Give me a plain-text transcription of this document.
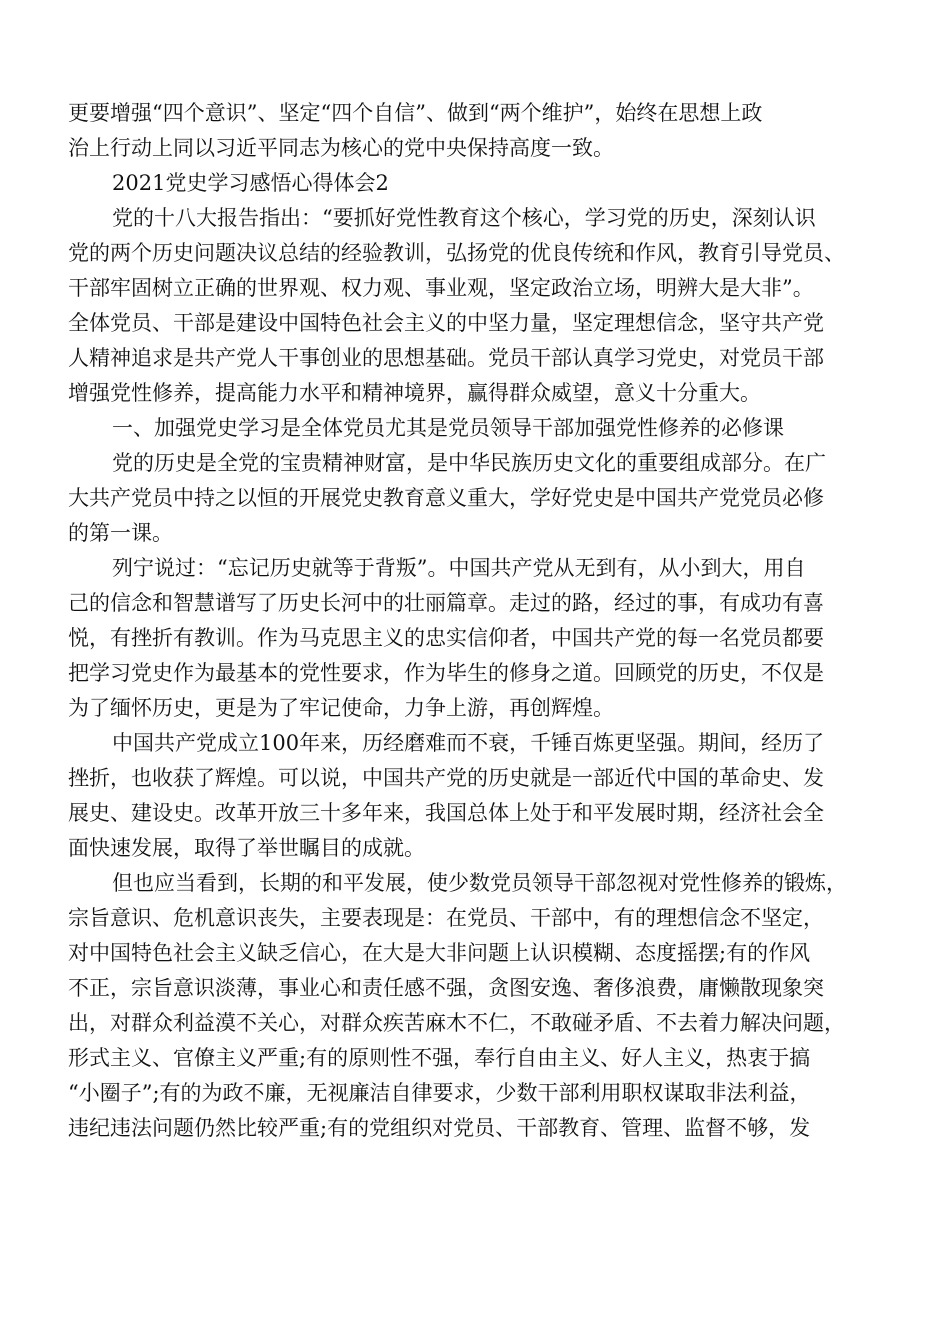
更要增强“四个意识”、坚定“四个自信”、做到“两个维护”，始终在思想上政
治上行动上同以习近平同志为核心的党中央保持高度一致。
2021党史学习感悟心得体会2
党的十八大报告指出：“要抓好党性教育这个核心，学习党的历史，深刻认识
党的两个历史问题决议总结的经验教训，弘扬党的优良传统和作风，教育引导党员、
干部牢固树立正确的世界观、权力观、事业观，坚定政治立场，明辨大是大非”。
全体党员、干部是建设中国特色社会主义的中坚力量，坚定理想信念，坚守共产党
人精神追求是共产党人干事创业的思想基础。党员干部认真学习党史，对党员干部
增强党性修养，提高能力水平和精神境界，赢得群众威望，意义十分重大。
一、加强党史学习是全体党员尤其是党员领导干部加强党性修养的必修课
党的历史是全党的宝贵精神财富，是中华民族历史文化的重要组成部分。在广
大共产党员中持之以恒的开展党史教育意义重大，学好党史是中国共产党党员必修
的第一课。
列宁说过：“忘记历史就等于背叛”。中国共产党从无到有，从小到大，用自
己的信念和智慧谱写了历史长河中的壮丽篇章。走过的路，经过的事，有成功有喜
悦，有挫折有教训。作为马克思主义的忠实信仰者，中国共产党的每一名党员都要
把学习党史作为最基本的党性要求，作为毕生的修身之道。回顾党的历史，不仅是
为了缅怀历史，更是为了牢记使命，力争上游，再创辉煌。
中国共产党成立100年来，历经磨难而不衰，千锤百炼更坚强。期间，经历了
挫折，也收获了辉煌。可以说，中国共产党的历史就是一部近代中国的革命史、发
展史、建设史。改革开放三十多年来，我国总体上处于和平发展时期，经济社会全
面快速发展，取得了举世瞩目的成就。
但也应当看到，长期的和平发展，使少数党员领导干部忽视对党性修养的锻炼，
宗旨意识、危机意识丧失，主要表现是：在党员、干部中，有的理想信念不坚定，
对中国特色社会主义缺乏信心，在大是大非问题上认识模糊、态度摇摆;有的作风
不正，宗旨意识淡薄，事业心和责任感不强，贪图安逸、奢侈浪费，庸懒散现象突
出，对群众利益漠不关心，对群众疾苦麻木不仁，不敢碰矛盾、不去着力解决问题，
形式主义、官僚主义严重;有的原则性不强，奉行自由主义、好人主义，热衷于搞
“小圈子”;有的为政不廉，无视廉洁自律要求，少数干部利用职权谋取非法利益，
违纪违法问题仍然比较严重;有的党组织对党员、干部教育、管理、监督不够，发
